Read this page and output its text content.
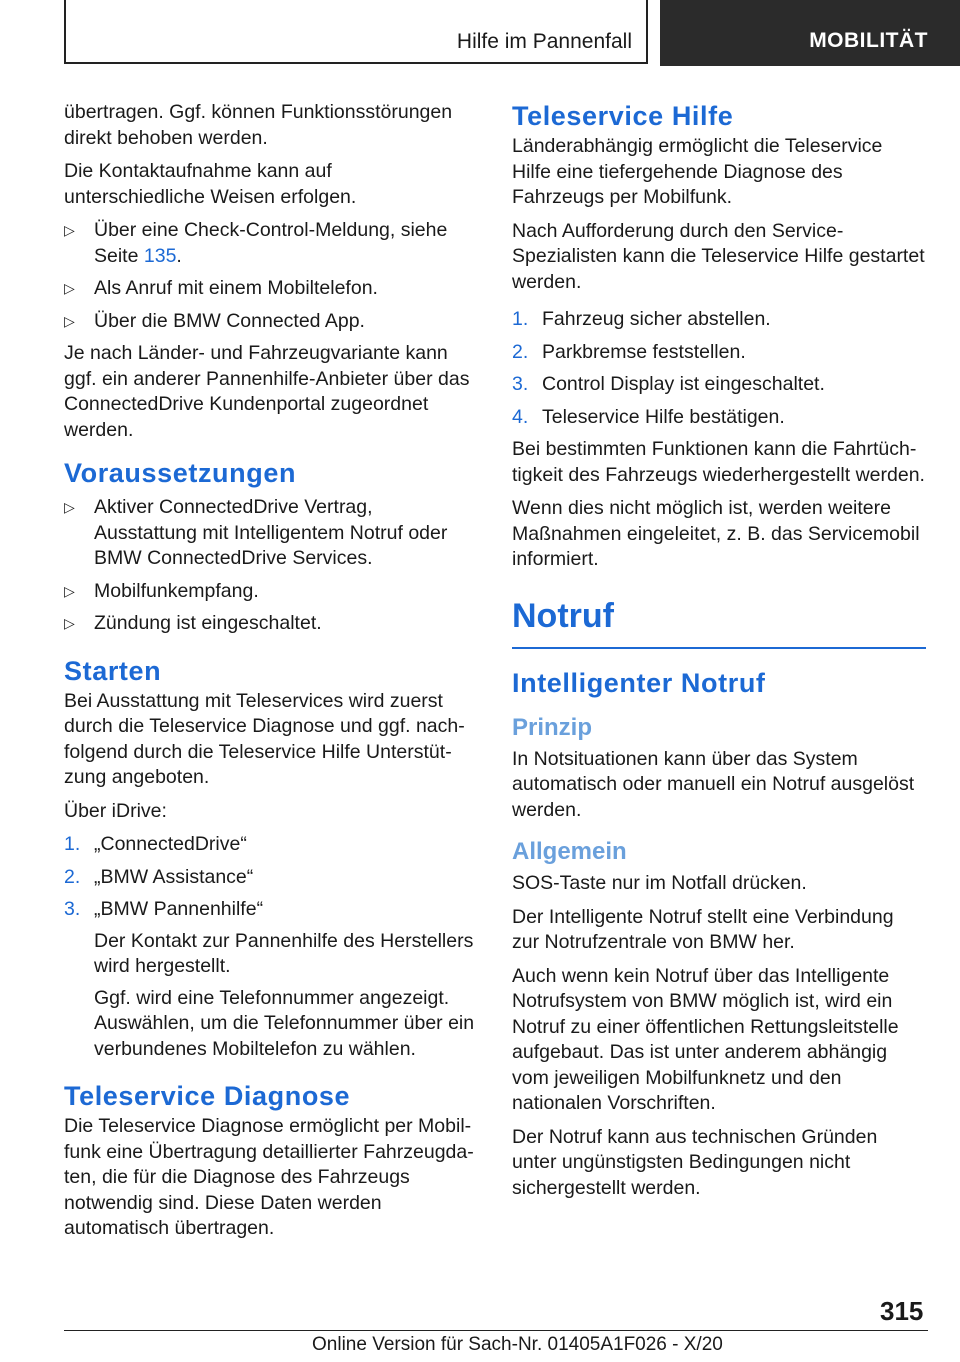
Hilfe im Pannenfall	MOBILITÄT

übertragen. Ggf. können Funktionsstörungen direkt behoben werden.

Die Kontaktaufnahme kann auf unterschiedliche Weisen erfolgen.

▷ Über eine Check-Control-Meldung, siehe Seite 135.
▷ Als Anruf mit einem Mobiltelefon.
▷ Über die BMW Connected App.

Je nach Länder- und Fahrzeugvariante kann ggf. ein anderer Pannenhilfe-Anbieter über das ConnectedDrive Kundenportal zugeordnet werden.

Voraussetzungen
▷ Aktiver ConnectedDrive Vertrag, Ausstattung mit Intelligentem Notruf oder BMW ConnectedDrive Services.
▷ Mobilfunkempfang.
▷ Zündung ist eingeschaltet.
Starten

Bei Ausstattung mit Teleservices wird zuerst durch die Teleservice Diagnose und ggf. nachfolgend durch die Teleservice Hilfe Unterstützung angeboten.

Über iDrive:

1. „ConnectedDrive“
2. „BMW Assistance“
3. „BMW Pannenhilfe“
Der Kontakt zur Pannenhilfe des Herstellers wird hergestellt.
Ggf. wird eine Telefonnummer angezeigt. Auswählen, um die Telefonnummer über ein verbundenes Mobiltelefon zu wählen.
Teleservice Diagnose

Die Teleservice Diagnose ermöglicht per Mobilfunk eine Übertragung detaillierter Fahrzeugdaten, die für die Diagnose des Fahrzeugs notwendig sind. Diese Daten werden automatisch übertragen.

Teleservice Hilfe

Länderabhängig ermöglicht die Teleservice Hilfe eine tiefergehende Diagnose des Fahrzeugs per Mobilfunk.

Nach Aufforderung durch den Service-Spezialisten kann die Teleservice Hilfe gestartet werden.

1. Fahrzeug sicher abstellen.
2. Parkbremse feststellen.
3. Control Display ist eingeschaltet.
4. Teleservice Hilfe bestätigen.

Bei bestimmten Funktionen kann die Fahrtüchtigkeit des Fahrzeugs wiederhergestellt werden.

Wenn dies nicht möglich ist, werden weitere Maßnahmen eingeleitet, z. B. das Servicemobil informiert.

Notruf
Intelligenter Notruf
Prinzip

In Notsituationen kann über das System automatisch oder manuell ein Notruf ausgelöst werden.

Allgemein

SOS-Taste nur im Notfall drücken.

Der Intelligente Notruf stellt eine Verbindung zur Notrufzentrale von BMW her.

Auch wenn kein Notruf über das Intelligente Notrufsystem von BMW möglich ist, wird ein Notruf zu einer öffentlichen Rettungsleitstelle aufgebaut. Das ist unter anderem abhängig vom jeweiligen Mobilfunknetz und den nationalen Vorschriften.

Der Notruf kann aus technischen Gründen unter ungünstigsten Bedingungen nicht sichergestellt werden.

315
Online Version für Sach-Nr. 01405A1F026 - X/20
